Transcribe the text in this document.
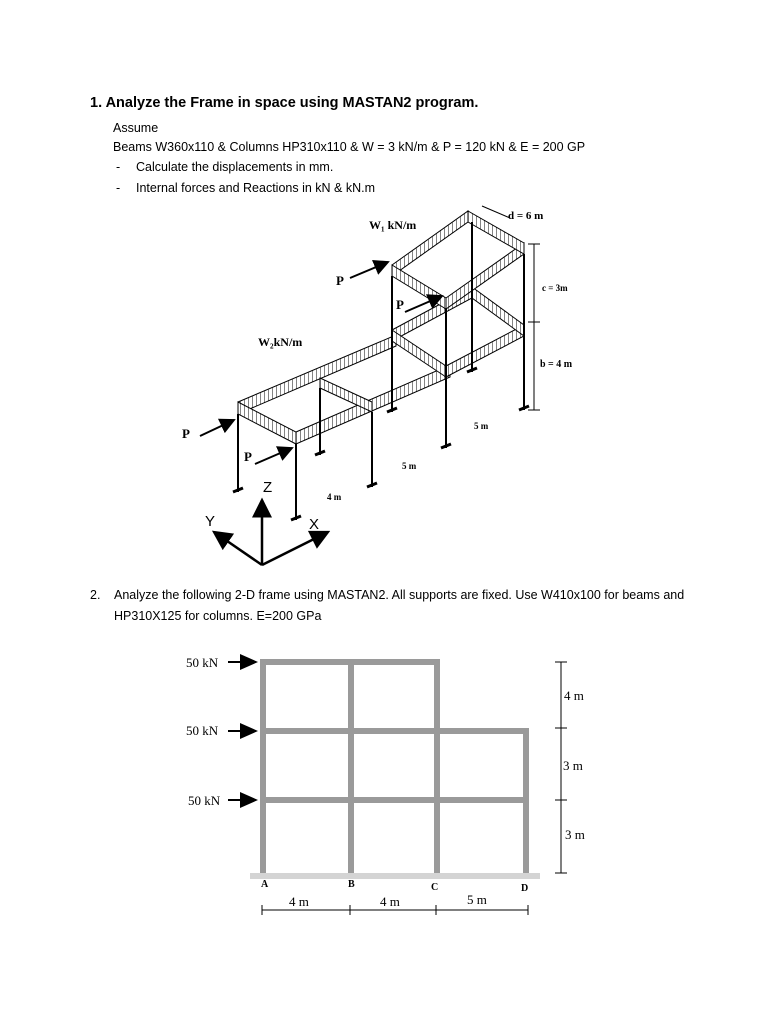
1. Analyze the Frame in space using MASTAN2 program.
Assume
Beams W360x110 & Columns HP310x110 & W = 3 kN/m & P = 120 kN & E = 200 GP
- Calculate the displacements in mm.
- Internal forces and Reactions in kN & kN.m
W₁ kN/m
W₂kN/m
P
P
P
P
d = 6 m
c = 3m
b = 4 m
5 m
5 m
4 m
Z
Y	X
2. Analyze the following 2-D frame using MASTAN2. All supports are fixed. Use W410x100 for beams and HP310X125 for columns. E=200 GPa
50 kN
50 kN
50 kN
A	B	C	D
4 m	4 m	5 m
4 m
3 m
3 m
